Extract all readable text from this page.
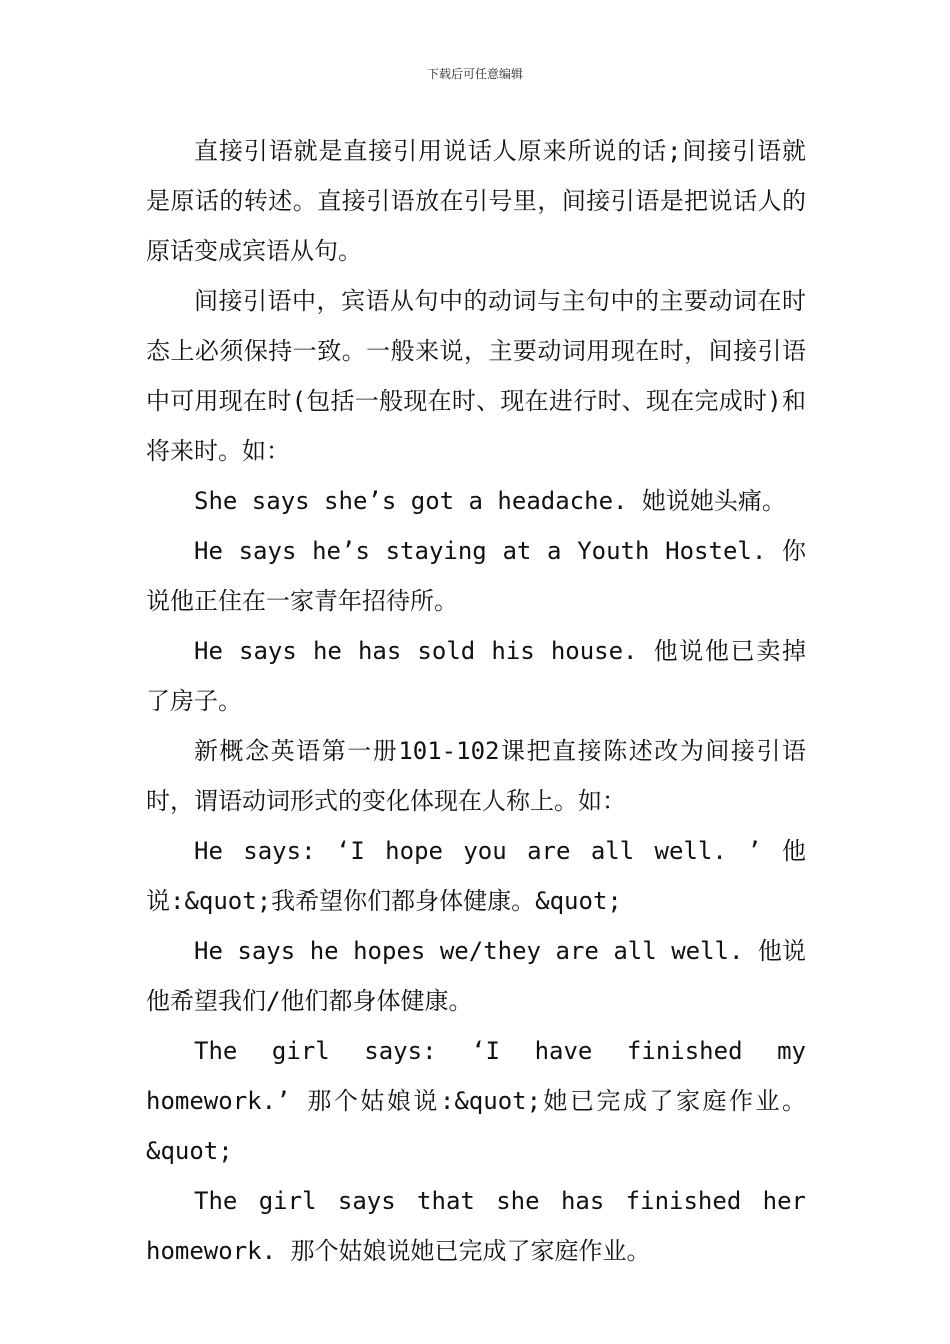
下载后可任意编辑

直接引语就是直接引用说话人原来所说的话;间接引语就是原话的转述。直接引语放在引号里，间接引语是把说话人的原话变成宾语从句。

间接引语中，宾语从句中的动词与主句中的主要动词在时态上必须保持一致。一般来说，主要动词用现在时，间接引语中可用现在时(包括一般现在时、现在进行时、现在完成时)和将来时。如：

She says she’s got a headache. 她说她头痛。

He says he’s staying at a Youth Hostel. 你说他正住在一家青年招待所。

He says he has sold his house. 他说他已卖掉了房子。

新概念英语第一册101-102课把直接陈述改为间接引语时，谓语动词形式的变化体现在人称上。如：

He says: ‘I hope you are all well. ’ 他说:&quot;我希望你们都身体健康。&quot;

He says he hopes we/they are all well. 他说他希望我们/他们都身体健康。

The girl says: ‘I have finished my homework.’ 那个姑娘说:&quot;她已完成了家庭作业。&quot;

The girl says that she has finished her homework. 那个姑娘说她已完成了家庭作业。
